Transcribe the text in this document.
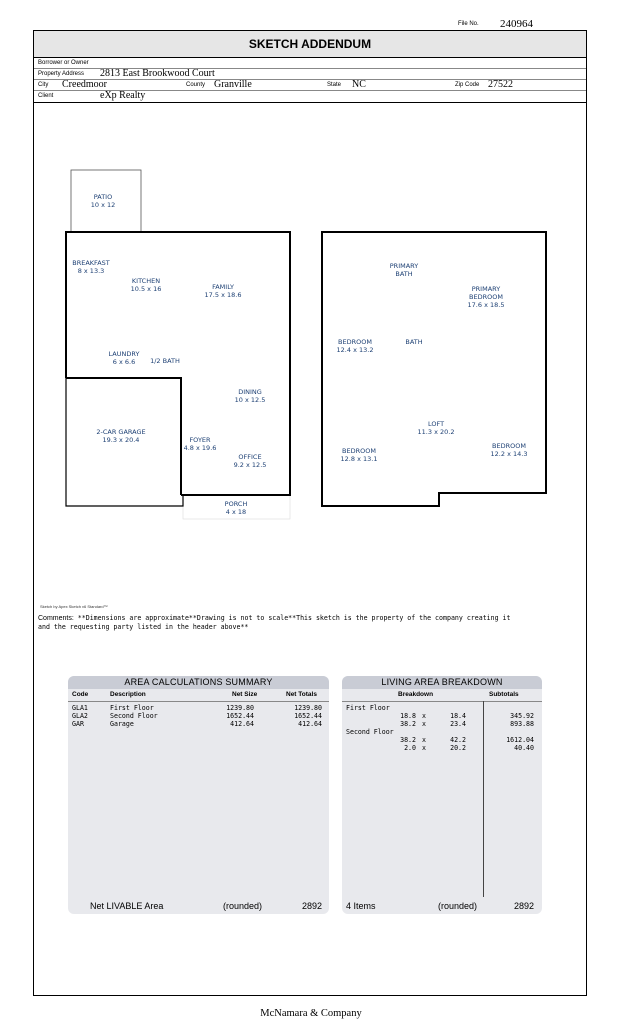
File No. 240964
SKETCH ADDENDUM
Borrower or Owner
Property Address 2813 East Brookwood Court
City Creedmoor	County Granville	State NC	Zip Code 27522
Client	eXp Realty
PATIO
10 x 12
BREAKFAST
8 x 13.3
KITCHEN
10.5 x 16	FAMILY
17.5 x 18.6
LAUNDRY
6 x 6.6	1/2 BATH
DINING
10 x 12.5
2-CAR GARAGE
19.3 x 20.4	FOYER
4.8 x 19.6
OFFICE
9.2 x 12.5
PORCH
4 x 18
PRIMARY
BATH
PRIMARY
BEDROOM
17.6 x 18.5
BEDROOM
12.4 x 13.2
BATH
LOFT
11.3 x 20.2
BEDROOM
12.8 x 13.1
BEDROOM
12.2 x 14.3
Sketch by Apex Sketch v6 Standard™
Comments: **Dimensions are approximate**Drawing is not to scale**This sketch is the property of the company creating it
and the requesting party listed in the header above**
AREA CALCULATIONS SUMMARY
Code	Description	Net Size	Net Totals
GLA1	First Floor	1239.80	1239.80
GLA2	Second Floor	1652.44	1652.44
GAR	Garage	412.64	412.64
Net LIVABLE Area	(rounded)	2892
LIVING AREA BREAKDOWN
Breakdown	Subtotals
First Floor
18.8 x	18.4	345.92
38.2 x	23.4	893.88
Second Floor
38.2 x	42.2	1612.04
2.0 x	20.2	40.40
4 Items	(rounded)	2892
McNamara & Company
